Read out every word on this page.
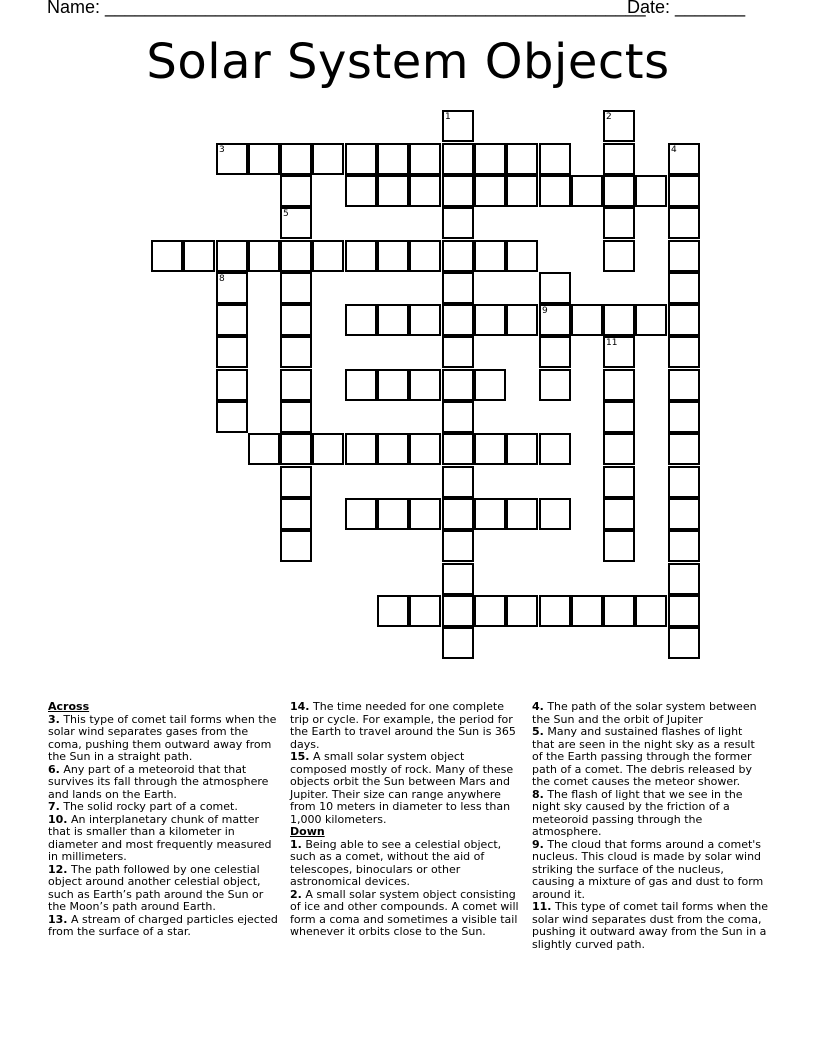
Name: ______________________________________________________
Date: _______
Solar System Objects
1	2
3	4
5
8
9
11
Across
3. This type of comet tail forms when the solar wind separates gases from the coma, pushing them outward away from the Sun in a straight path.
6. Any part of a meteoroid that that survives its fall through the atmosphere and lands on the Earth.
7. The solid rocky part of a comet.
10. An interplanetary chunk of matter that is smaller than a kilometer in diameter and most frequently measured in millimeters.
12. The path followed by one celestial object around another celestial object, such as Earth’s path around the Sun or the Moon’s path around Earth.
13. A stream of charged particles ejected from the surface of a star.
14. The time needed for one complete trip or cycle. For example, the period for the Earth to travel around the Sun is 365 days.
15. A small solar system object composed mostly of rock. Many of these objects orbit the Sun between Mars and Jupiter. Their size can range anywhere from 10 meters in diameter to less than 1,000 kilometers.
Down
1. Being able to see a celestial object, such as a comet, without the aid of telescopes, binoculars or other astronomical devices.
2. A small solar system object consisting of ice and other compounds. A comet will form a coma and sometimes a visible tail whenever it orbits close to the Sun.
4. The path of the solar system between the Sun and the orbit of Jupiter
5. Many and sustained flashes of light that are seen in the night sky as a result of the Earth passing through the former path of a comet. The debris released by the comet causes the meteor shower.
8. The flash of light that we see in the night sky caused by the friction of a meteoroid passing through the atmosphere.
9. The cloud that forms around a comet's nucleus. This cloud is made by solar wind striking the surface of the nucleus, causing a mixture of gas and dust to form around it.
11. This type of comet tail forms when the solar wind separates dust from the coma, pushing it outward away from the Sun in a slightly curved path.
